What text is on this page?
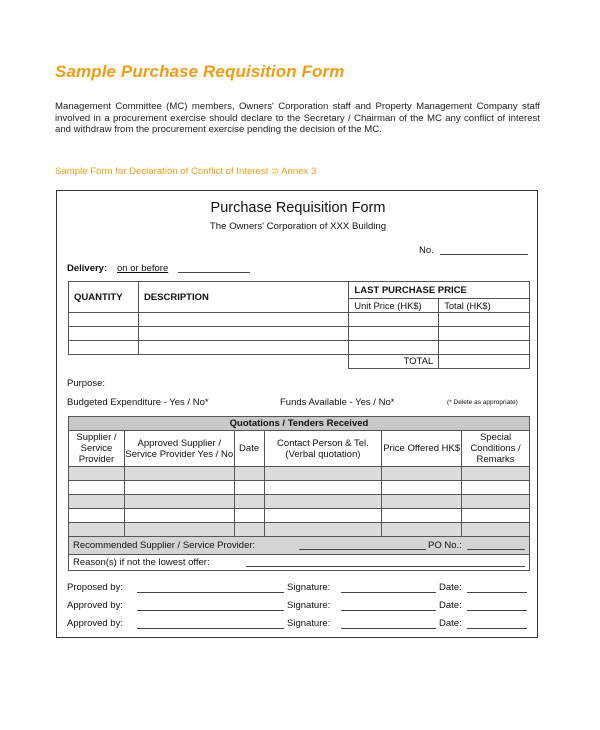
Sample Purchase Requisition Form
Management Committee (MC) members, Owners' Corporation staff and Property Management Company staff involved in a procurement exercise should declare to the Secretary / Chairman of the MC any conflict of interest and withdraw from the procurement exercise pending the decision of the MC.
Sample Form for Declaration of Conflict of Interest ⊃ Annex 3
Purchase Requisition Form
The Owners' Corporation of XXX Building
No.
Delivery: on or before
QUANTITY	DESCRIPTION	LAST PURCHASE PRICE	
		Unit Price (HK$)	Total (HK$)

		TOTAL	
Purpose:
Budgeted Expenditure - Yes / No*	Funds Available - Yes / No*	(* Delete as appropriate)
Quotations / Tenders Received					
Supplier / Service Provider	Approved Supplier / Service Provider Yes / No	Date	Contact Person & Tel. (Verbal quotation)	Price Offered HK$	Special Conditions / Remarks

Recommended Supplier / Service Provider: PO No.:					

Reason(s) if not the lowest offer:					
Proposed by:	Signature:	Date:
Approved by:	Signature:	Date:
Approved by:	Signature:	Date:
